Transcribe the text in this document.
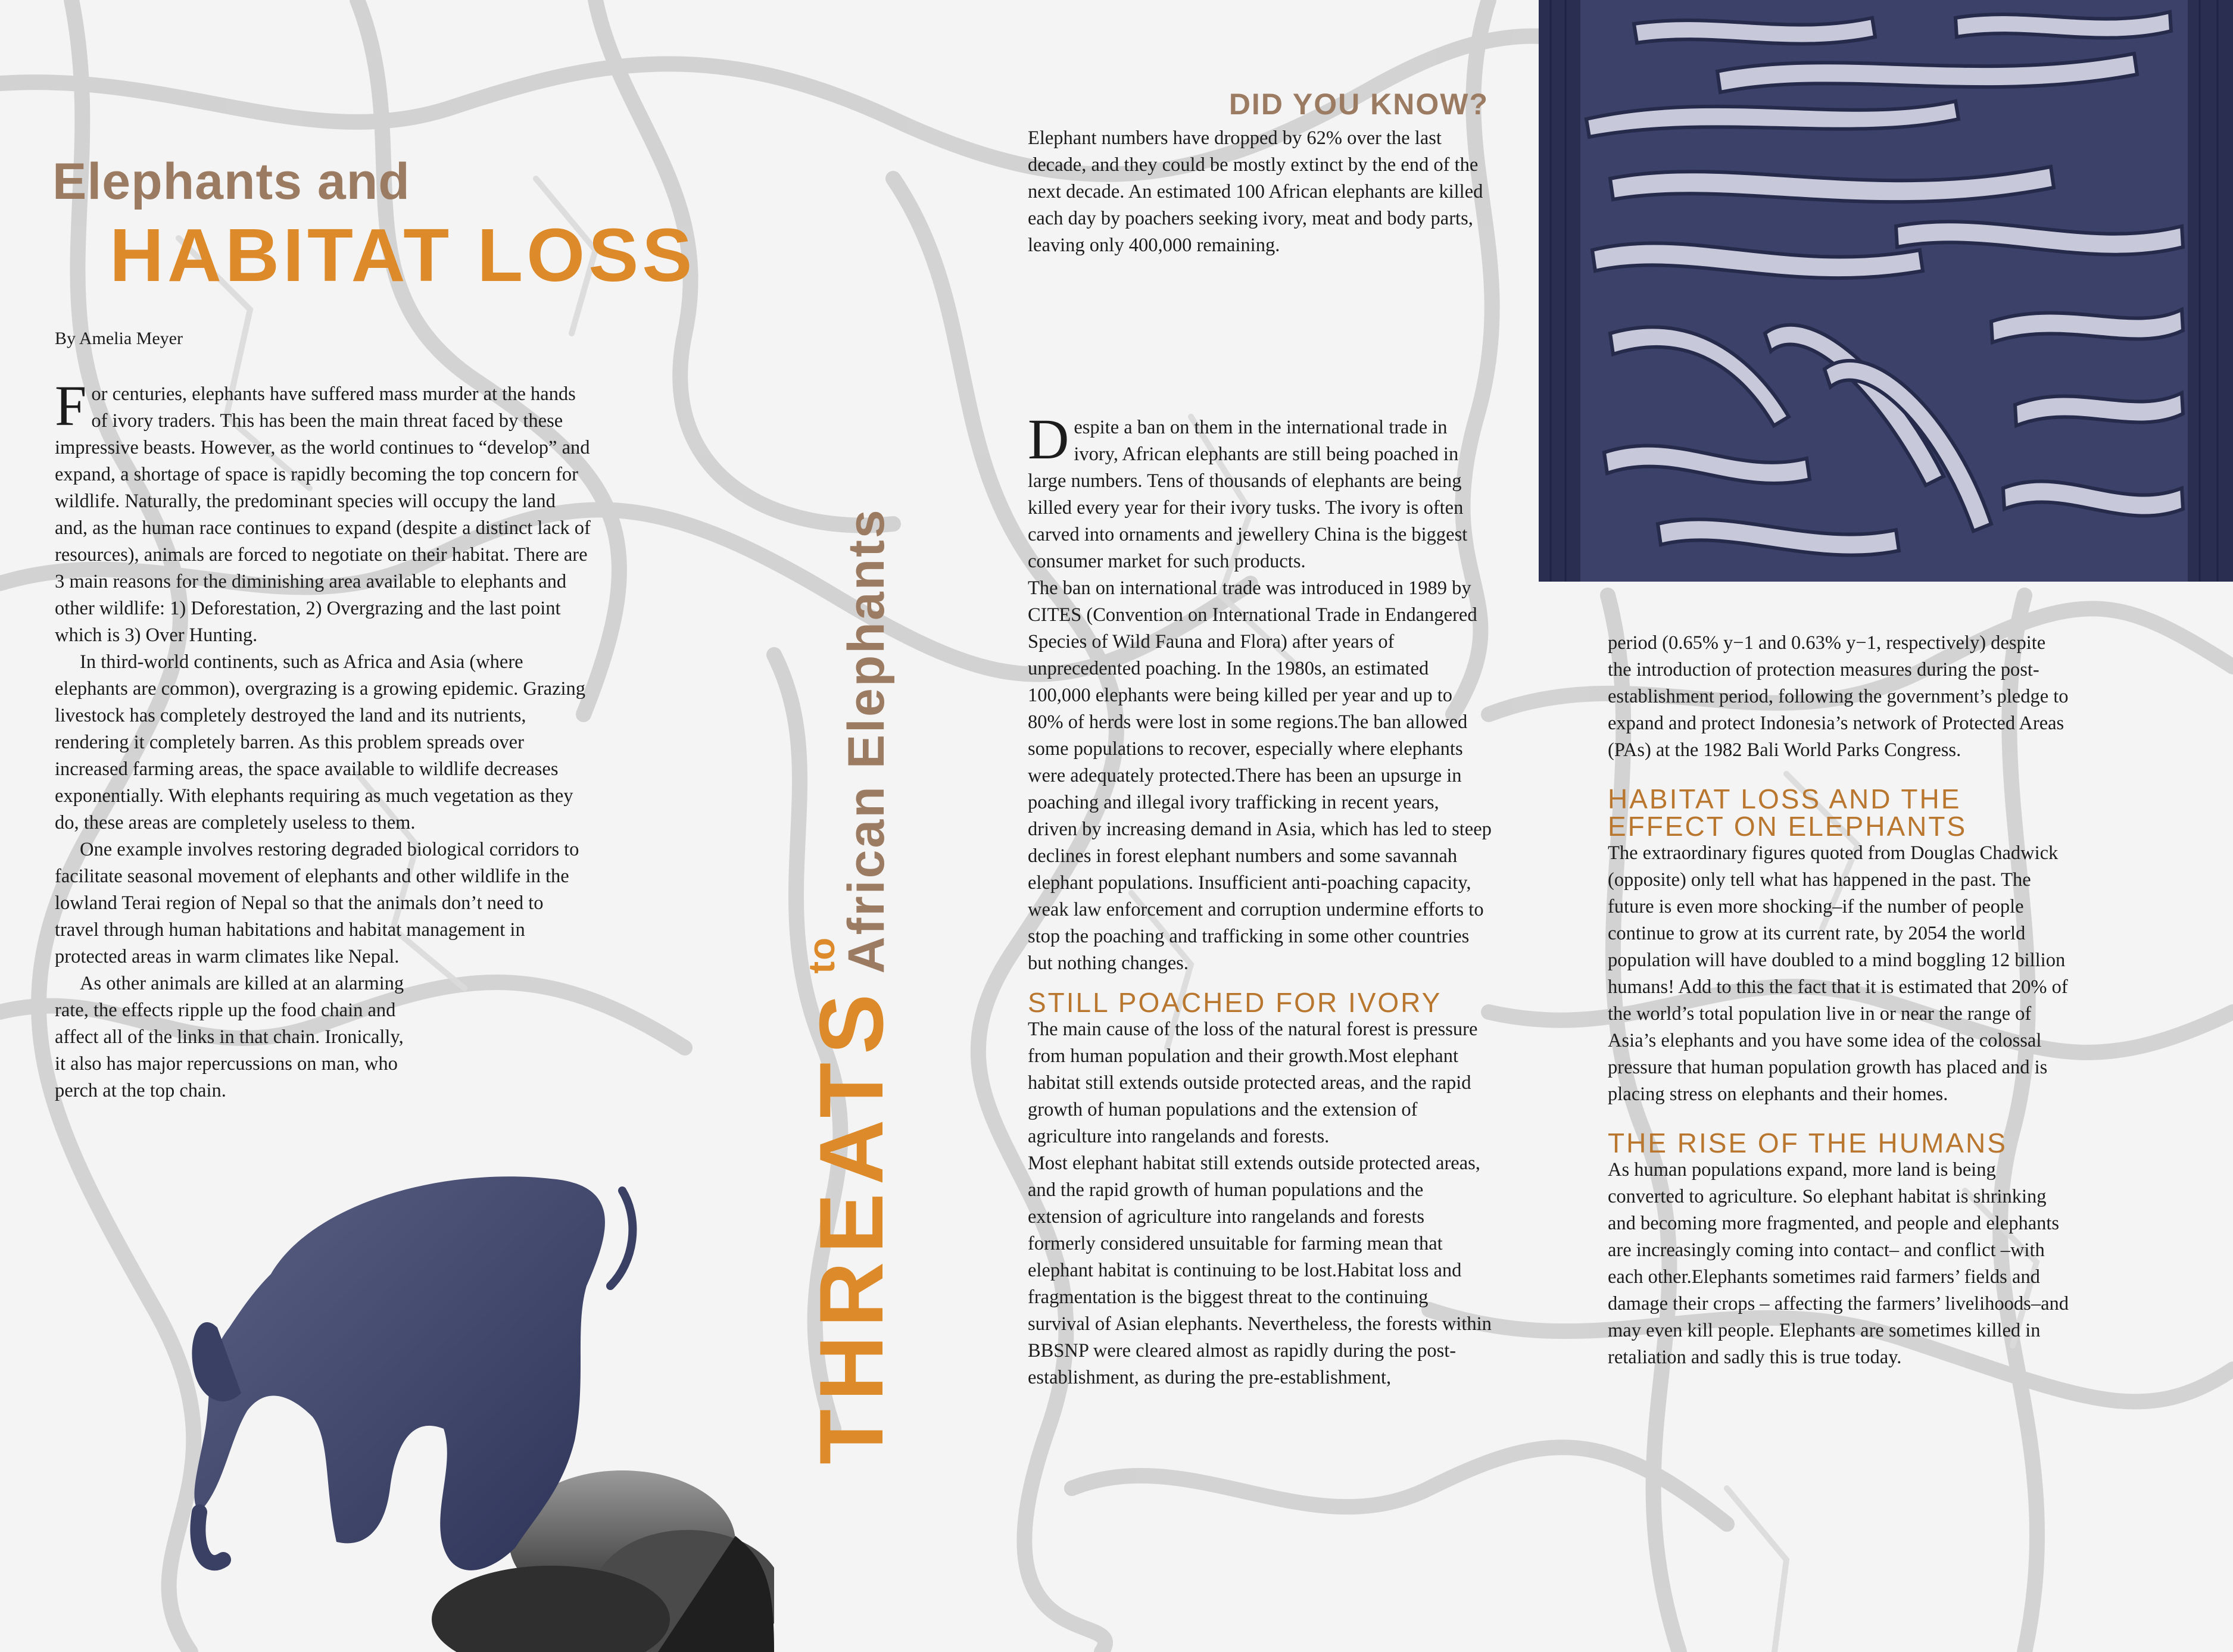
Elephants and
HABITAT LOSS

By Amelia Meyer

For centuries, elephants have suffered mass murder at the hands of ivory traders. This has been the main threat faced by these impressive beasts. However, as the world continues to “develop” and expand, a shortage of space is rapidly becoming the top concern for wildlife. Naturally, the predominant species will occupy the land and, as the human race continues to expand (despite a distinct lack of resources), animals are forced to negotiate on their habitat. There are 3 main reasons for the diminishing area available to elephants and other wildlife: 1) Deforestation, 2) Overgrazing and the last point which is 3) Over Hunting.

In third-world continents, such as Africa and Asia (where elephants are common), overgrazing is a growing epidemic. Grazing livestock has completely destroyed the land and its nutrients, rendering it completely barren. As this problem spreads over increased farming areas, the space available to wildlife decreases exponentially. With elephants requiring as much vegetation as they do, these areas are completely useless to them.

One example involves restoring degraded biological corridors to facilitate seasonal movement of elephants and other wildlife in the lowland Terai region of Nepal so that the animals don’t need to travel through human habitations and habitat management in protected areas in warm climates like Nepal.

As other animals are killed at an alarming rate, the effects ripple up the food chain and affect all of the links in that chain. Ironically, it also has major repercussions on man, who perch at the top chain.	THREATS
to
African Elephants
DID YOU KNOW?

Elephant numbers have dropped by 62% over the last decade, and they could be mostly extinct by the end of the next decade. An estimated 100 African elephants are killed each day by poachers seeking ivory, meat and body parts, leaving only 400,000 remaining.

Despite a ban on them in the international trade in ivory, African elephants are still being poached in large numbers. Tens of thousands of elephants are being killed every year for their ivory tusks. The ivory is often carved into ornaments and jewellery China is the biggest consumer market for such products.

The ban on international trade was introduced in 1989 by CITES (Convention on International Trade in Endangered Species of Wild Fauna and Flora) after years of unprecedented poaching. In the 1980s, an estimated 100,000 elephants were being killed per year and up to 80% of herds were lost in some regions.The ban allowed some populations to recover, especially where elephants were adequately protected.There has been an upsurge in poaching and illegal ivory trafficking in recent years, driven by increasing demand in Asia, which has led to steep declines in forest elephant numbers and some savannah elephant populations. Insufficient anti-poaching capacity, weak law enforcement and corruption undermine efforts to stop the poaching and trafficking in some other countries but nothing changes.

STILL POACHED FOR IVORY

The main cause of the loss of the natural forest is pressure from human population and their growth.Most elephant habitat still extends outside protected areas, and the rapid growth of human populations and the extension of agriculture into rangelands and forests.

Most elephant habitat still extends outside protected areas, and the rapid growth of human populations and the extension of agriculture into rangelands and forests formerly considered unsuitable for farming mean that elephant habitat is continuing to be lost.Habitat loss and fragmentation is the biggest threat to the continuing survival of Asian elephants. Nevertheless, the forests within BBSNP were cleared almost as rapidly during the post-establishment, as during the pre-establishment,

period (0.65% y−1 and 0.63% y−1, respectively) despite the introduction of protection measures during the post-establishment period, following the government’s pledge to expand and protect Indonesia’s network of Protected Areas (PAs) at the 1982 Bali World Parks Congress.

HABITAT LOSS AND THE EFFECT ON ELEPHANTS

The extraordinary figures quoted from Douglas Chadwick (opposite) only tell what has happened in the past. The future is even more shocking–if the number of people continue to grow at its current rate, by 2054 the world population will have doubled to a mind boggling 12 billion humans! Add to this the fact that it is estimated that 20% of the world’s total population live in or near the range of Asia’s elephants and you have some idea of the colossal pressure that human population growth has placed and is placing stress on elephants and their homes.

THE RISE OF THE HUMANS

As human populations expand, more land is being converted to agriculture. So elephant habitat is shrinking and becoming more fragmented, and people and elephants are increasingly coming into contact– and conflict –with each other.Elephants sometimes raid farmers’ fields and damage their crops – affecting the farmers’ livelihoods–and may even kill people. Elephants are sometimes killed in retaliation and sadly this is true today.
